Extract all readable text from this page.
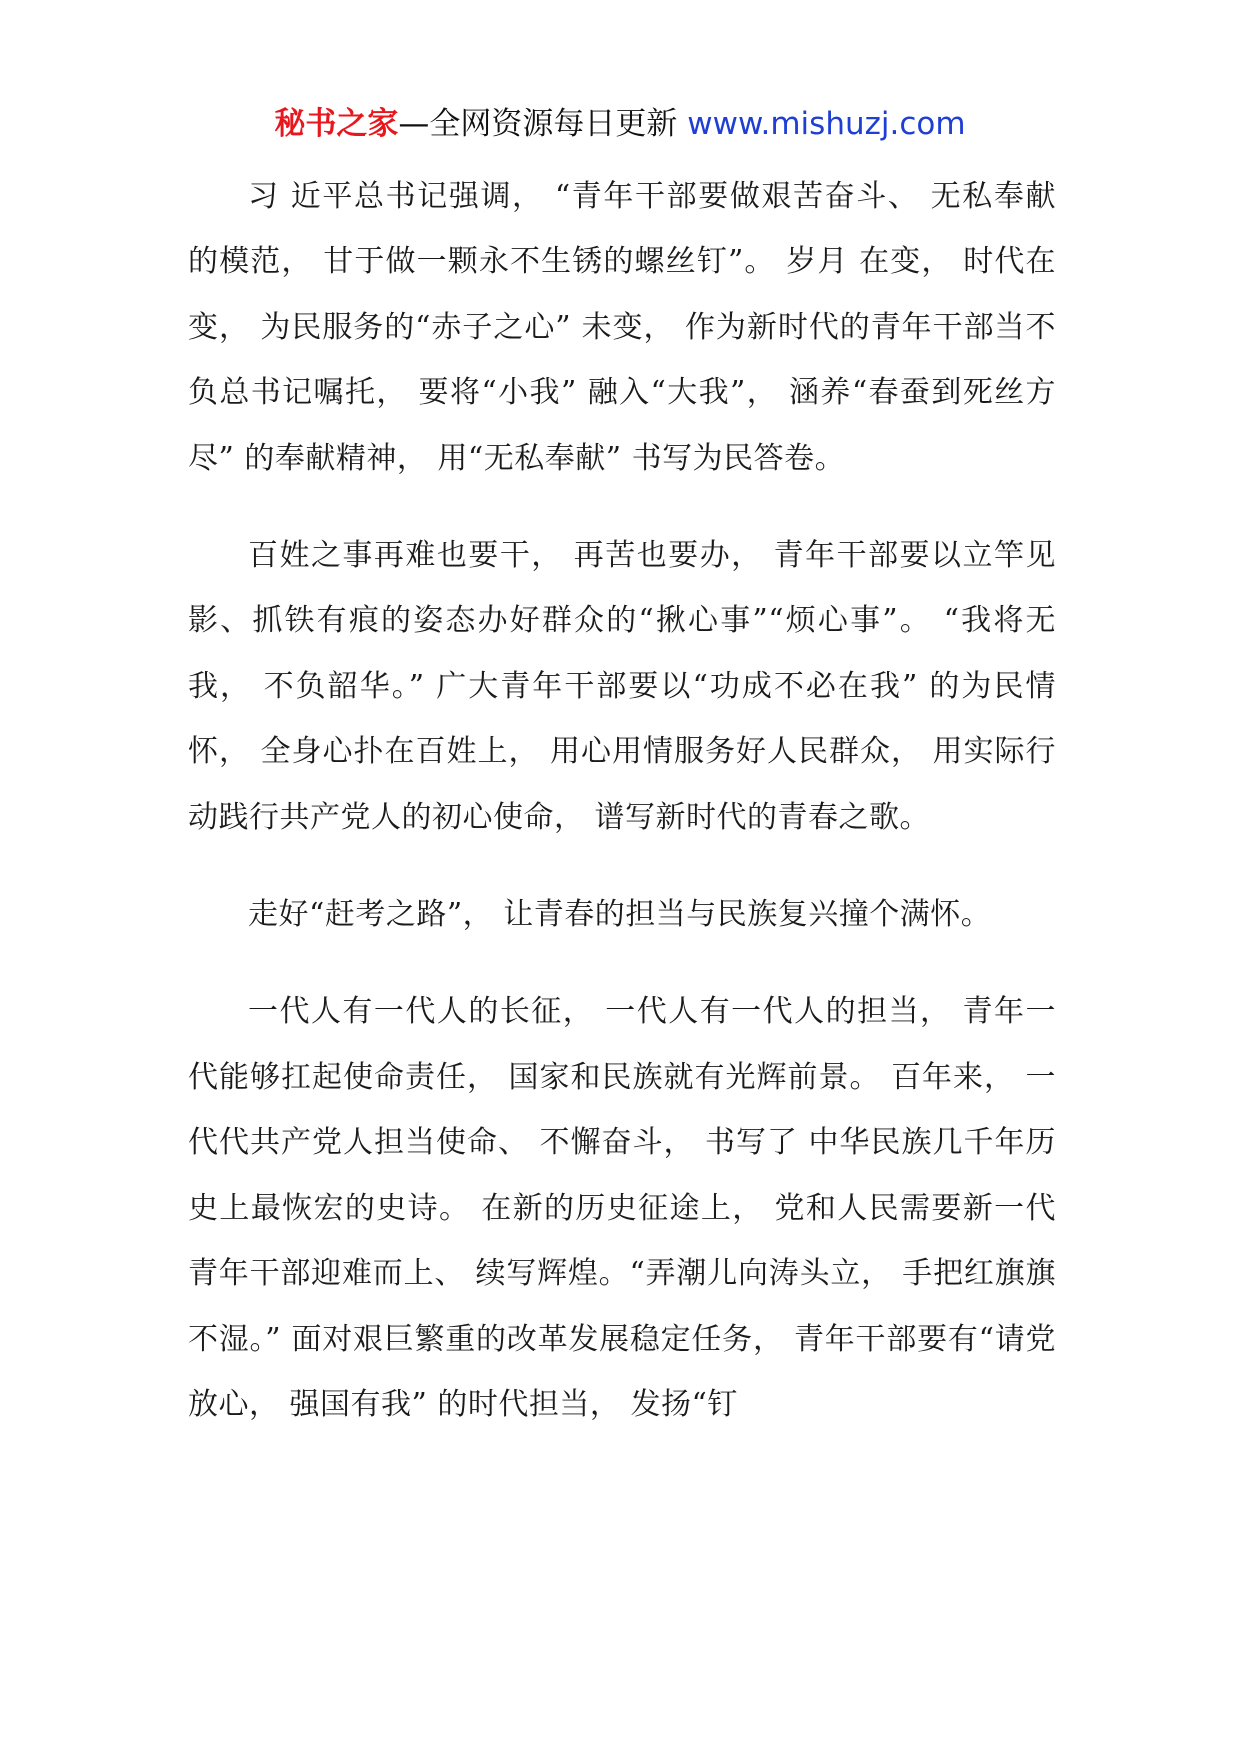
秘书之家—全网资源每日更新 www.mishuzj.com

习 近平总书记强调， “青年干部要做艰苦奋斗、 无私奉献的模范， 甘于做一颗永不生锈的螺丝钉”。 岁月 在变， 时代在变， 为民服务的“赤子之心” 未变， 作为新时代的青年干部当不负总书记嘱托， 要将“小我” 融入“大我”， 涵养“春蚕到死丝方尽” 的奉献精神， 用“无私奉献” 书写为民答卷。

百姓之事再难也要干， 再苦也要办， 青年干部要以立竿见影、抓铁有痕的姿态办好群众的“揪心事”“烦心事”。 “我将无我， 不负韶华。” 广大青年干部要以“功成不必在我” 的为民情怀， 全身心扑在百姓上， 用心用情服务好人民群众， 用实际行动践行共产党人的初心使命， 谱写新时代的青春之歌。

走好“赶考之路”， 让青春的担当与民族复兴撞个满怀。

一代人有一代人的长征， 一代人有一代人的担当， 青年一代能够扛起使命责任， 国家和民族就有光辉前景。 百年来， 一代代共产党人担当使命、 不懈奋斗， 书写了 中华民族几千年历史上最恢宏的史诗。 在新的历史征途上， 党和人民需要新一代青年干部迎难而上、 续写辉煌。“弄潮儿向涛头立， 手把红旗旗不湿。” 面对艰巨繁重的改革发展稳定任务， 青年干部要有“请党放心， 强国有我” 的时代担当， 发扬“钉
